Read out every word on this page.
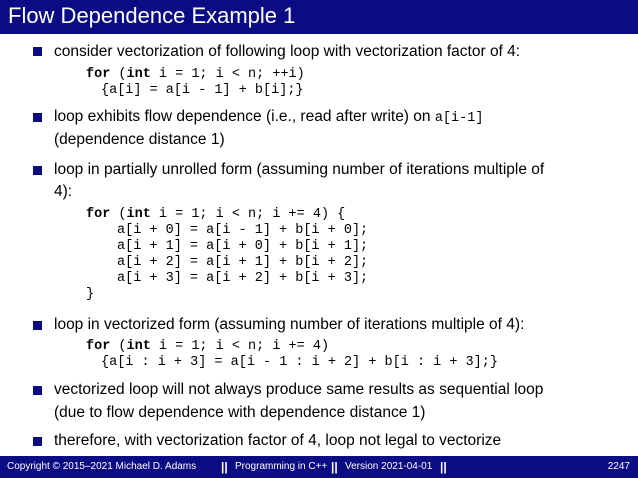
Flow Dependence Example 1
consider vectorization of following loop with vectorization factor of 4:
for (int i = 1; i < n; ++i)
{a[i] = a[i - 1] + b[i];}
loop exhibits flow dependence (i.e., read after write) on a[i-1]
(dependence distance 1)
loop in partially unrolled form (assuming number of iterations multiple of
4):
for (int i = 1; i < n; i += 4) {
a[i + 0] = a[i - 1] + b[i + 0];
a[i + 1] = a[i + 0] + b[i + 1];
a[i + 2] = a[i + 1] + b[i + 2];
a[i + 3] = a[i + 2] + b[i + 3];
}
loop in vectorized form (assuming number of iterations multiple of 4):
for (int i = 1; i < n; i += 4)
{a[i : i + 3] = a[i - 1 : i + 2] + b[i : i + 3];}
vectorized loop will not always produce same results as sequential loop
(due to flow dependence with dependence distance 1)
therefore, with vectorization factor of 4, loop not legal to vectorize
Copyright © 2015–2021 Michael D. Adams || Programming in C++ || Version 2021-04-01 ||	2247
